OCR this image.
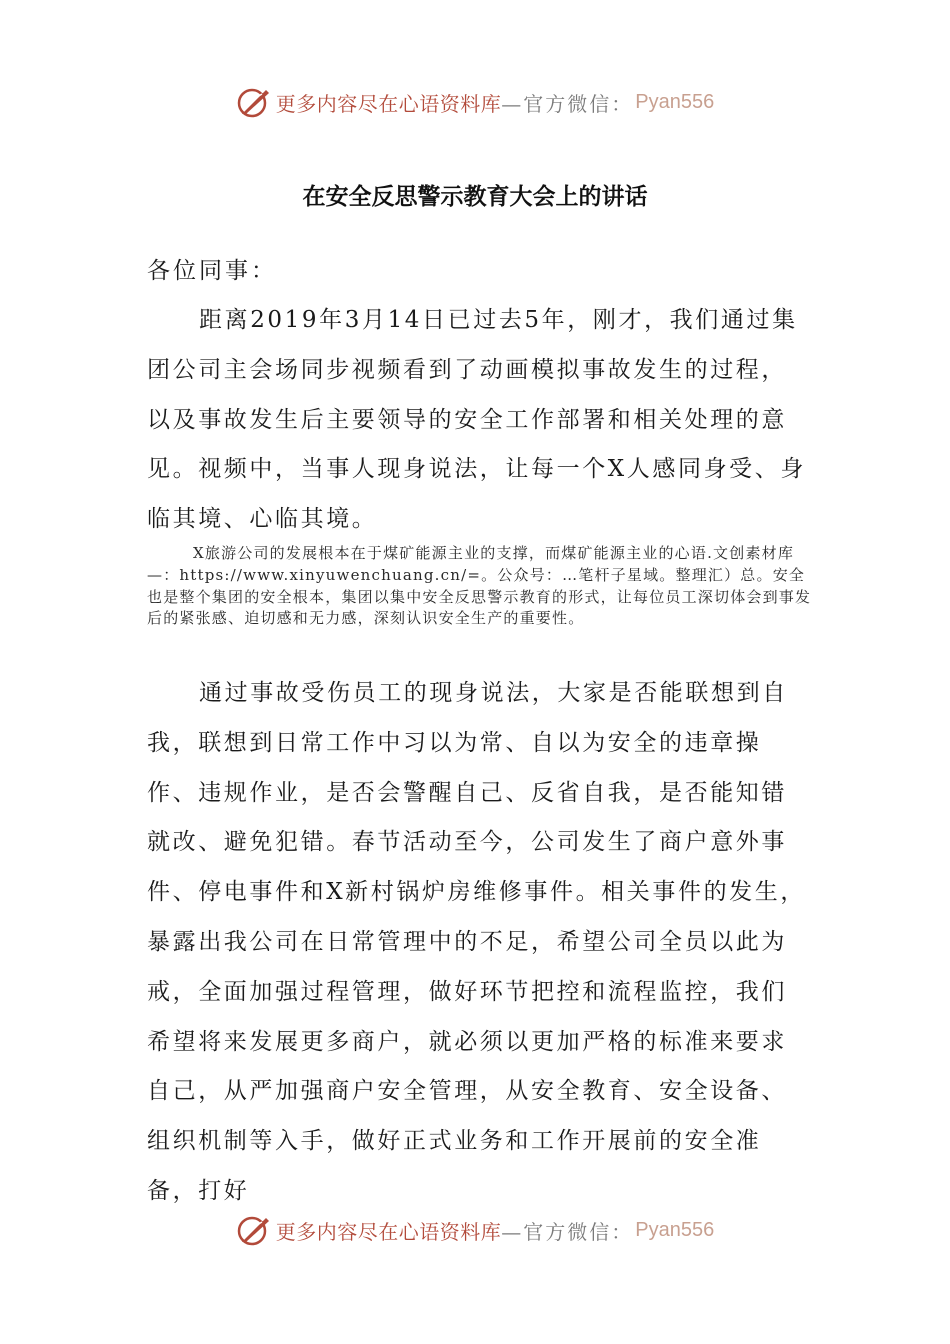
更多内容尽在心语资料库 —官方微信： Pyan556
在安全反思警示教育大会上的讲话
各位同事：

距离2019年3月14日已过去5年，刚才，我们通过集团公司主会场同步视频看到了动画模拟事故发生的过程，以及事故发生后主要领导的安全工作部署和相关处理的意见。视频中，当事人现身说法，让每一个X人感同身受、身临其境、心临其境。

X旅游公司的发展根本在于煤矿能源主业的支撑，而煤矿能源主业的心语.文创素材库—：https://www.xinyuwenchuang.cn/=。公众号：…笔杆子星域。整理汇）总。安全也是整个集团的安全根本，集团以集中安全反思警示教育的形式，让每位员工深切体会到事发后的紧张感、迫切感和无力感，深刻认识安全生产的重要性。

通过事故受伤员工的现身说法，大家是否能联想到自我，联想到日常工作中习以为常、自以为安全的违章操作、违规作业，是否会警醒自己、反省自我，是否能知错就改、避免犯错。春节活动至今，公司发生了商户意外事件、停电事件和X新村锅炉房维修事件。相关事件的发生，暴露出我公司在日常管理中的不足，希望公司全员以此为戒，全面加强过程管理，做好环节把控和流程监控，我们希望将来发展更多商户，就必须以更加严格的标准来要求自己，从严加强商户安全管理，从安全教育、安全设备、组织机制等入手，做好正式业务和工作开展前的安全准备，打好

更多内容尽在心语资料库 —官方微信： Pyan556
